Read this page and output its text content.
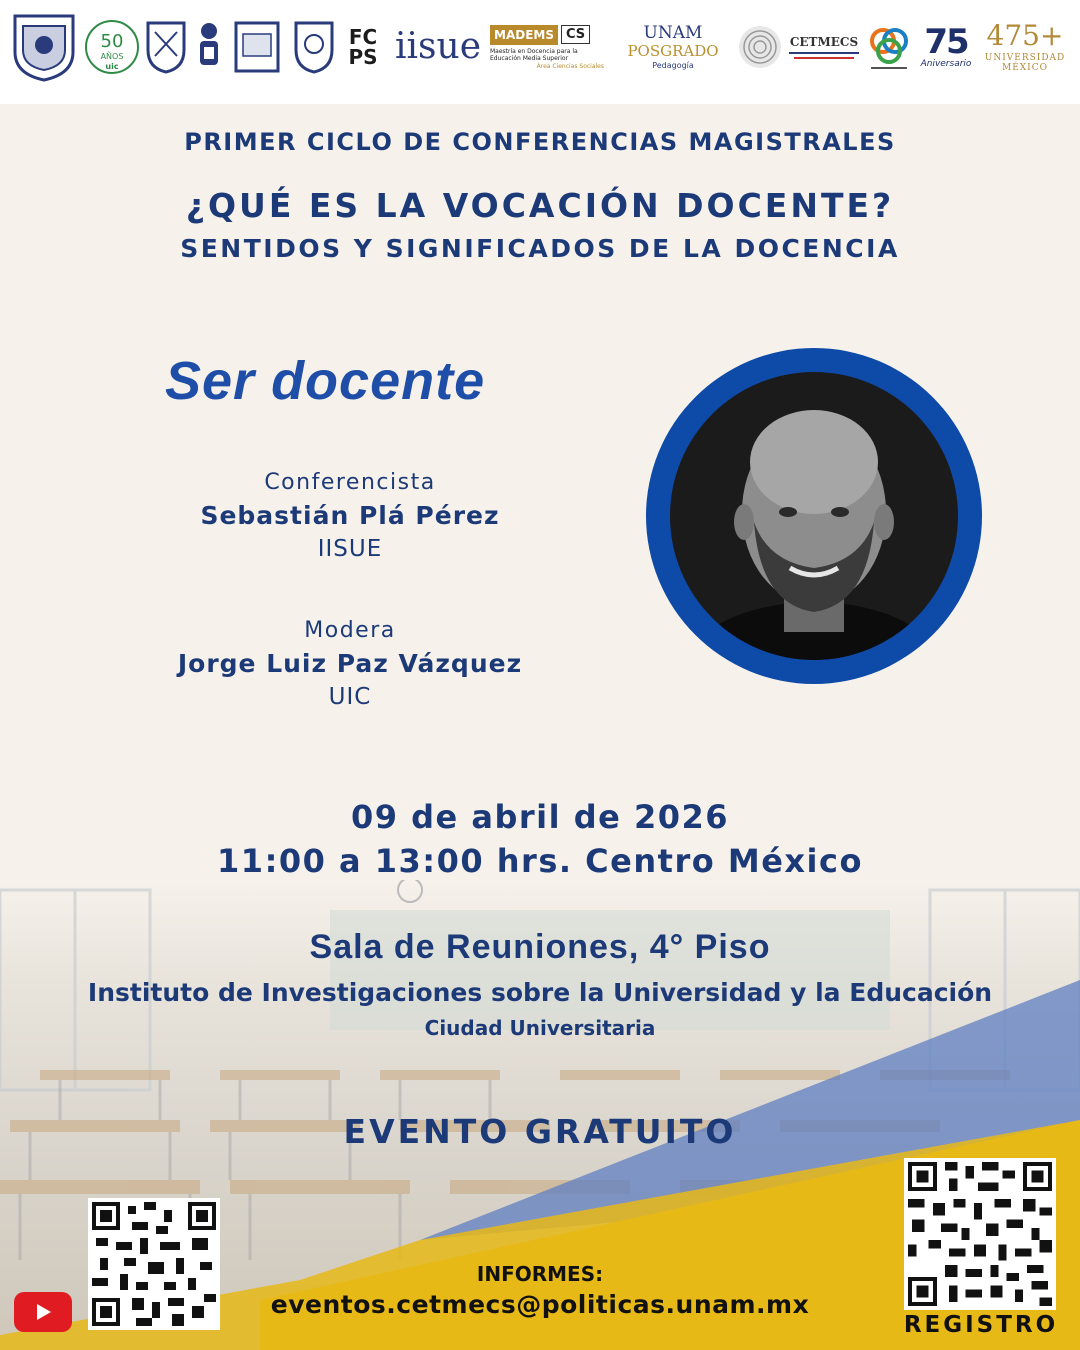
50
AÑOS
uic
FC
PS iisue	MADEMS CS
Maestría en Docencia para la Educación Media Superior
Área Ciencias Sociales
UNAM
POSGRADO
Pedagogía
CETMECS 75
Aniversario
475+
UNIVERSIDAD
MÉXICO
PRIMER CICLO DE CONFERENCIAS MAGISTRALES
¿QUÉ ES LA VOCACIÓN DOCENTE?
SENTIDOS Y SIGNIFICADOS DE LA DOCENCIA
Ser docente
Conferencista
Sebastián Plá Pérez
IISUE
Modera
Jorge Luiz Paz Vázquez
UIC
09 de abril de 2026
11:00 a 13:00 hrs. Centro México
Sala de Reuniones, 4° Piso
Instituto de Investigaciones sobre la Universidad y la Educación
Ciudad Universitaria
EVENTO GRATUITO
INFORMES:
eventos.cetmecs@politicas.unam.mx
REGISTRO
